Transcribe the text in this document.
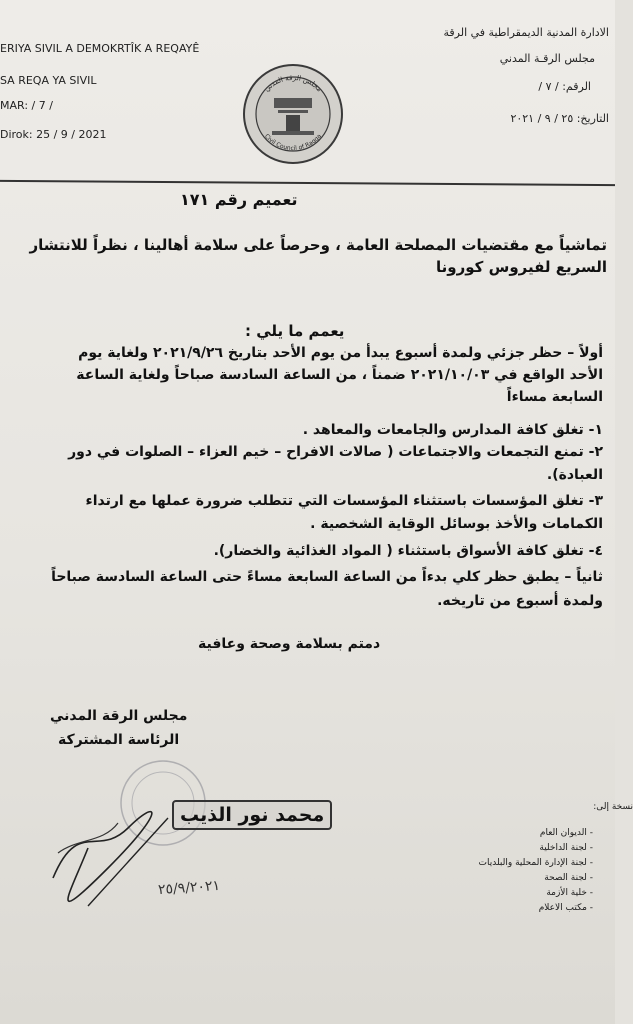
ERIYA SIVIL A DEMOKRTÎK A REQAYÊ
SA REQA YA SIVIL
MAR: / 7 /
Dirok: 25 / 9 / 2021
الادارة المدنية الديمقراطية في الرقة
مجلس الرقـة المدني
الرقم: / ٧ /
التاريخ: ٢٥ / ٩ / ٢٠٢١
مجلس الرقة المدني
Civil Council of Raqqa
تعميم رقم ١٧١
تماشياً مع مقتضيات المصلحة العامة ، وحرصاً على سلامة أهالينا ، نظراً للانتشار السريع لفيروس كورونا
يعمم ما يلي :
أولاً – حظر جزئي ولمدة أسبوع يبدأ من يوم الأحد بتاريخ ٢٠٢١/٩/٢٦ ولغاية يوم
الأحد الواقع في ٢٠٢١/١٠/٠٣ ضمناً ، من الساعة السادسة صباحاً ولغاية الساعة
السابعة مساءاً
١- تغلق كافة المدارس والجامعات والمعاهد .
٢- تمنع التجمعات والاجتماعات ( صالات الافراح – خيم العزاء – الصلوات في دور
العبادة).
٣- تغلق المؤسسات باستثناء المؤسسات التي تتطلب ضرورة عملها مع ارتداء
الكمامات والأخذ بوسائل الوقاية الشخصية .
٤- تغلق كافة الأسواق باستثناء ( المواد الغذائية والخضار).
ثانياً – يطبق حظر كلي بدءاً من الساعة السابعة مساءً حتى الساعة السادسة صباحاً
ولمدة أسبوع من تاريخه.
دمتم بسلامة وصحة وعافية
مجلس الرقة المدني
الرئاسة المشتركة
محمد نور الذيب
٢٥/٩/٢٠٢١
نسخة إلى:
- الديوان العام
- لجنة الداخلية
- لجنة الإدارة المحلية والبلديات
- لجنة الصحة
- خلية الأزمة
- مكتب الاعلام
